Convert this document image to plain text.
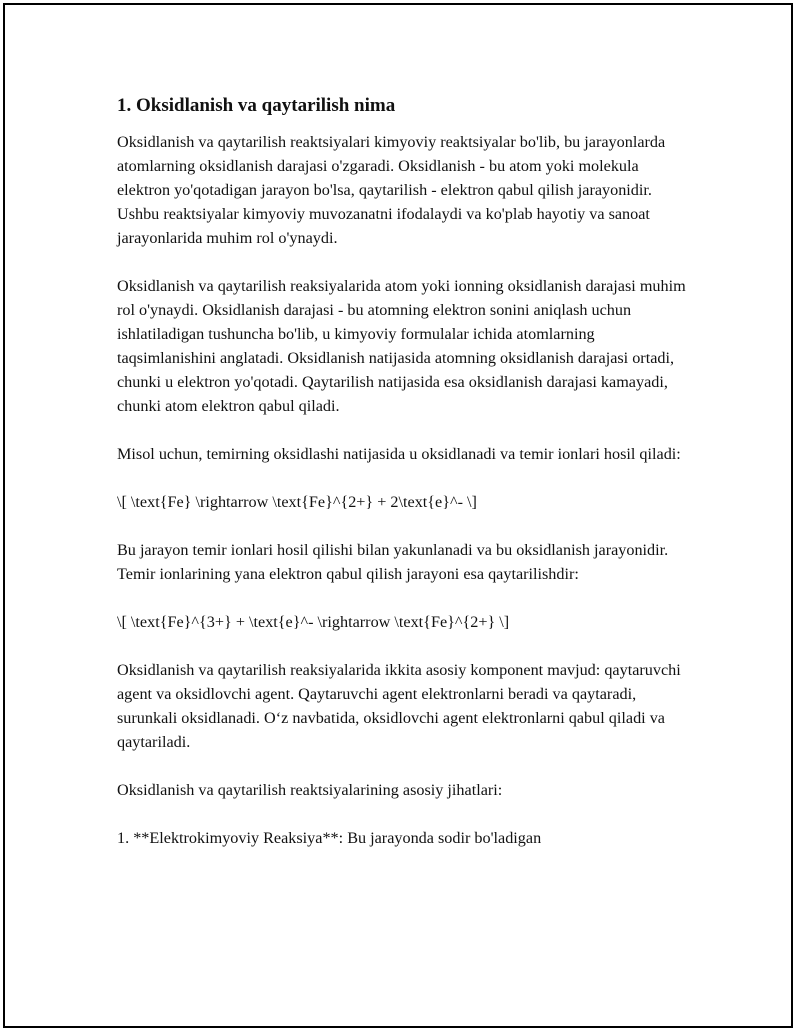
1. Oksidlanish va qaytarilish nima

Oksidlanish va qaytarilish reaktsiyalari kimyoviy reaktsiyalar bo'lib, bu jarayonlarda atomlarning oksidlanish darajasi o'zgaradi. Oksidlanish - bu atom yoki molekula elektron yo'qotadigan jarayon bo'lsa, qaytarilish - elektron qabul qilish jarayonidir. Ushbu reaktsiyalar kimyoviy muvozanatni ifodalaydi va ko'plab hayotiy va sanoat jarayonlarida muhim rol o'ynaydi.

Oksidlanish va qaytarilish reaksiyalarida atom yoki ionning oksidlanish darajasi muhim rol o'ynaydi. Oksidlanish darajasi - bu atomning elektron sonini aniqlash uchun ishlatiladigan tushuncha bo'lib, u kimyoviy formulalar ichida atomlarning taqsimlanishini anglatadi. Oksidlanish natijasida atomning oksidlanish darajasi ortadi, chunki u elektron yo'qotadi. Qaytarilish natijasida esa oksidlanish darajasi kamayadi, chunki atom elektron qabul qiladi.

Misol uchun, temirning oksidlashi natijasida u oksidlanadi va temir ionlari hosil qiladi:

\[ \text{Fe} \rightarrow \text{Fe}^{2+} + 2\text{e}^- \]

Bu jarayon temir ionlari hosil qilishi bilan yakunlanadi va bu oksidlanish jarayonidir. Temir ionlarining yana elektron qabul qilish jarayoni esa qaytarilishdir:

\[ \text{Fe}^{3+} + \text{e}^- \rightarrow \text{Fe}^{2+} \]

Oksidlanish va qaytarilish reaksiyalarida ikkita asosiy komponent mavjud: qaytaruvchi agent va oksidlovchi agent. Qaytaruvchi agent elektronlarni beradi va qaytaradi, surunkali oksidlanadi. O‘z navbatida, oksidlovchi agent elektronlarni qabul qiladi va qaytariladi.

Oksidlanish va qaytarilish reaktsiyalarining asosiy jihatlari:

1. **Elektrokimyoviy Reaksiya**: Bu jarayonda sodir bo'ladigan
